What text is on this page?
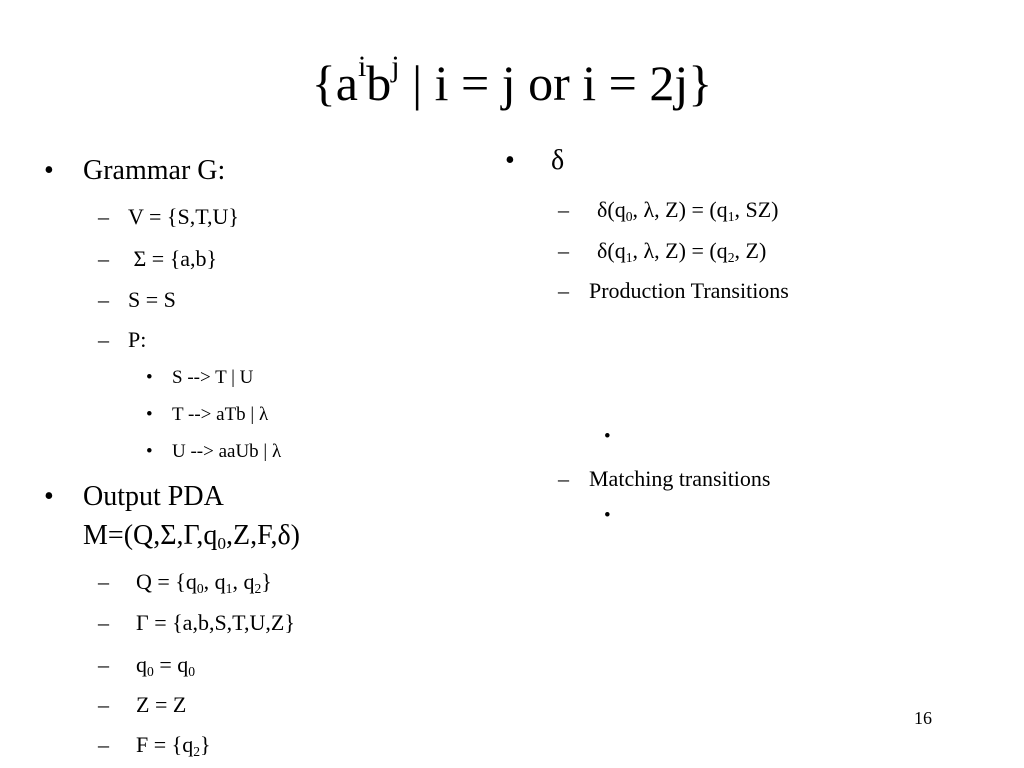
{$a^ib^j$ | i = j or i = 2j}
• Grammar G:
– V = {S,T,U}
– Σ = {a,b}
– S = S
– P:
• S --> T | U
• T --> aTb | λ
• U --> aaUb | λ
• Output PDA
$M=(Q,\Sigma,\Gamma,q_0,Z,F,\delta)$
– $Q = \{q_0$, $q_1$, $q_2$}
– Γ = {a,b,S,T,U,Z}
– $q_0 = q_0$
– Z = Z
– $F = \{q_2\}$
• δ
– $\delta(q_0$, λ, $Z) = (q_1$, SZ)
– $\delta(q_1$, λ, $Z) = (q_2$, Z)
– Production Transitions
•
– Matching transitions
•
16
